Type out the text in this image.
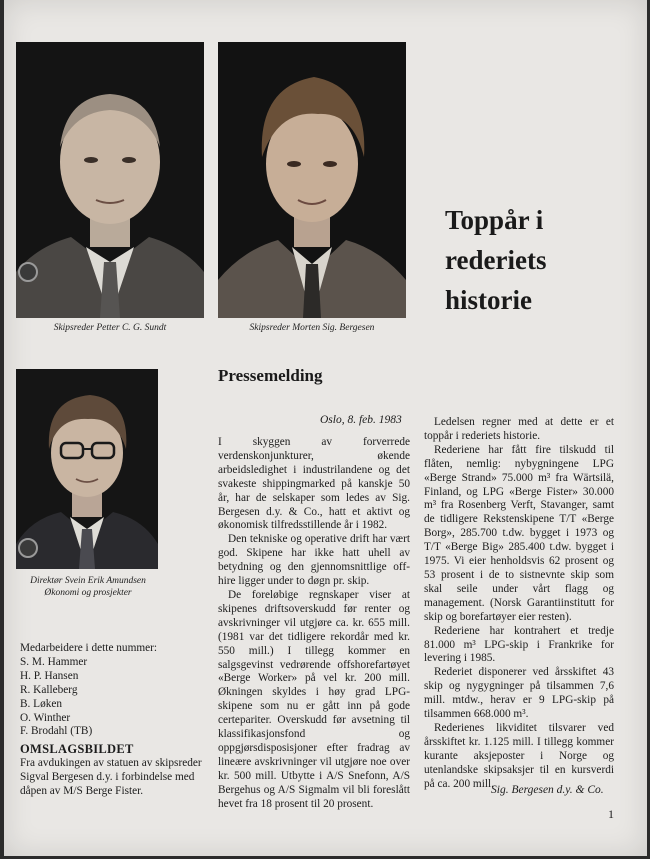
Skipsreder Petter C. G. Sundt	Skipsreder Morten Sig. Bergesen
Toppår i
rederiets
historie
Direktør Svein Erik Amundsen
Økonomi og prosjekter
Pressemelding
Oslo, 8. feb. 1983

I skyggen av forverrede verdenskonjunkturer, økende arbeidsledighet i industrilandene og det svakeste shippingmarked på kanskje 50 år, har de selskaper som ledes av Sig. Bergesen d.y. & Co., hatt et aktivt og økonomisk tilfredsstillende år i 1982.

Den tekniske og operative drift har vært god. Skipene har ikke hatt uhell av betydning og den gjennomsnittlige off-hire ligger under to døgn pr. skip.

De foreløbige regnskaper viser at skipenes driftsoverskudd før renter og avskrivninger vil utgjøre ca. kr. 655 mill. (1981 var det tidligere rekordår med kr. 550 mill.) I tillegg kommer en salgsgevinst vedrørende offshorefartøyet «Berge Worker» på vel kr. 200 mill. Økningen skyldes i høy grad LPG-skipene som nu er gått inn på gode certepariter. Overskudd før avsetning til klassifikasjonsfond og oppgjørsdisposisjoner efter fradrag av lineære avskrivninger vil utgjøre noe over kr. 500 mill. Utbytte i A/S Snefonn, A/S Bergehus og A/S Sigmalm vil bli foreslått hevet fra 18 prosent til 20 prosent.

Ledelsen regner med at dette er et toppår i rederiets historie.

Rederiene har fått fire tilskudd til flåten, nemlig: nybygningene LPG «Berge Strand» 75.000 m³ fra Wärtsilä, Finland, og LPG «Berge Fister» 30.000 m³ fra Rosenberg Verft, Stavanger, samt de tidligere Rekstenskipene T/T «Berge Borg», 285.700 t.dw. bygget i 1973 og T/T «Berge Big» 285.400 t.dw. bygget i 1975. Vi eier henholdsvis 62 prosent og 53 prosent i de to sistnevnte skip som skal seile under vårt flagg og management. (Norsk Garantiinstitutt for skip og borefartøyer eier resten).

Rederiene har kontrahert et tredje 81.000 m³ LPG-skip i Frankrike for levering i 1985.

Rederiet disponerer ved årsskiftet 43 skip og nygygninger på tilsammen 7,6 mill. mtdw., herav er 9 LPG-skip på tilsammen 668.000 m³.

Rederienes likviditet tilsvarer ved årsskiftet kr. 1.125 mill. I tillegg kommer kurante aksjeposter i Norge og utenlandske skipsaksjer til en kursverdi på ca. 200 mill.

Sig. Bergesen d.y. & Co.
Medarbeidere i dette nummer:
S. M. Hammer
H. P. Hansen
R. Kalleberg
B. Løken
O. Winther
F. Brodahl (TB)
OMSLAGSBILDET
Fra avdukingen av statuen av skipsreder Sigval Bergesen d.y. i forbindelse med dåpen av M/S Berge Fister.
1
